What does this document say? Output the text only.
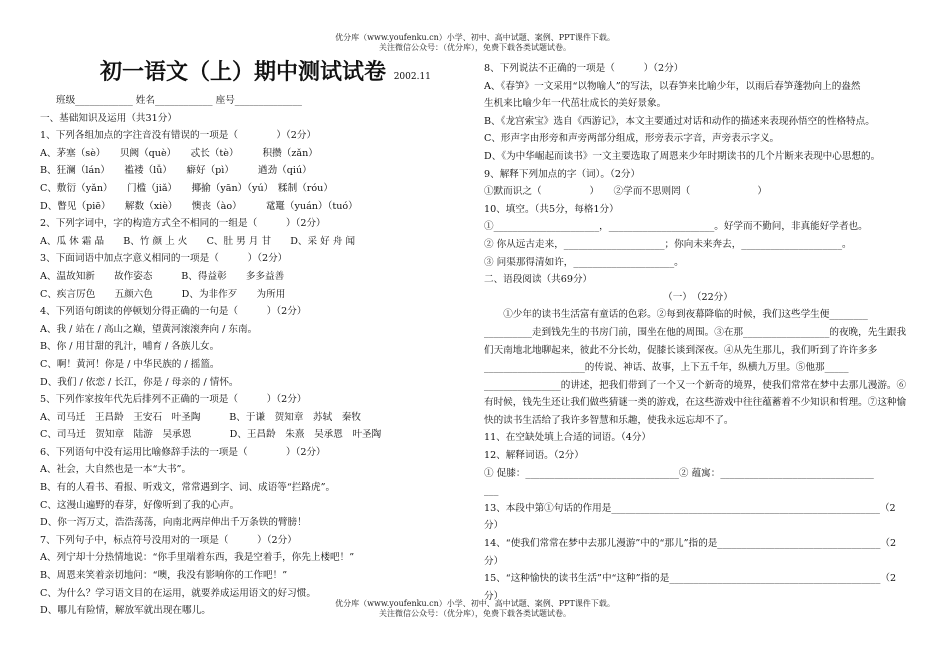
优分库（www.youfenku.cn）小学、初中、高中试题、案例、PPT课件下载。
关注微信公众号：（优分库），免费下载各类试题试卷。
初一语文（上）期中测试试卷 2002.11
班级____________ 姓名____________ 座号______________
一、基础知识及运用（共31分）
1、下列各组加点的字注音没有错误的一项是（　　　　）（2分）
A、茅塞（sè）　　贝阙（què）　　忒长（tè）　　　积攒（zǎn）
B、狂澜（lán）　　褴褛（lǚ）　　癖好（pì）　　　遒劲（qiú）
C、敷衍（yǎn）　　门槛（jiǎ）　　揶揄（yān）（yú）　糅制（róu）
D、瞥见（piē）　　解数（xiè）　　懊丧（ào）　　　鼋鼍（yuán）（tuó）
2、下列字词中，字的构造方式全不相同的一组是（　　　）（2分）
A、瓜 休 霜 晶　　B、竹 颜 上 火　　C、肚 男 月 甘　　D、采 好 舟 闻
3、下面词语中加点字意义相同的一项是（　　　）（2分）
A、温故知新　　故作姿态　　　B、得益彰　　多多益善
C、疾言厉色　　五颜六色　　　D、为非作歹　　为所用
4、下列语句朗读的停顿划分得正确的一句是（　　　）（2分）
A、我 / 站在 / 高山之巅，望黄河滚滚奔向 / 东南。
B、你 / 用甘甜的乳汁，哺育 / 各族儿女。
C、啊！黄河！你是 / 中华民族的 / 摇篮。
D、我们 / 依恋 / 长江，你是 / 母亲的 / 情怀。
5、下列作家按年代先后排列不正确的一项是（　　　）（2分）
A、司马迁　王昌龄　王安石　叶圣陶　　　B、于谦　贺知章　苏轼　秦牧
C、司马迁　贺知章　陆游　吴承恩　　　　D、王昌龄　朱熹　吴承恩　叶圣陶
6、下列语句中没有运用比喻修辞手法的一项是（　　　　）（2分）
A、社会，大自然也是一本“大书”。
B、有的人看书、看报、听戏文，常常遇到字、词、成语等“拦路虎”。
C、这漫山遍野的春芽，好像听到了我的心声。
D、你一泻万丈，浩浩荡荡，向南北两岸伸出千万条铁的臂膀！
7、下列句子中，标点符号没用对的一项是（　　　）（2分）
A、列宁却十分热情地说：“你手里端着东西，我是空着手，你先上楼吧！”
B、周恩来笑着亲切地问：“噢，我没有影响你的工作吧！”
C、为什么？学习语文目的在运用，就要养成运用语文的好习惯。
D、哪儿有险情，解放军就出现在哪儿。
8、下列说法不正确的一项是（　　　）（2分）
A、《春笋》一文采用“以物喻人”的写法，以春笋来比喻少年，以雨后春笋蓬勃向上的盎然
生机来比喻少年一代茁壮成长的美好景象。
B、《龙宫索宝》选自《西游记》，本文主要通过对话和动作的描述来表现孙悟空的性格特点。
C、形声字由形旁和声旁两部分组成，形旁表示字音，声旁表示字义。
D、《为中华崛起而读书》一文主要选取了周恩来少年时期读书的几个片断来表现中心思想的。
9、解释下列加点的字（词）。（2分）
①默而识之（　　　　　）　　②学而不思则罔（　　　　　　　）
10、填空。（共5分，每格1分）
①______________________，______________________。好学而不勤问，非真能好学者也。
② 你从远古走来，_____________________；你向未来奔去，_____________________。
③ 问渠那得清如许，_____________________。
二、语段阅读（共69分）
（一）　（22分）
①少年的读书生活富有童话的色彩。②每到夜幕降临的时候，我们这些学生便________ __________走到钱先生的书房门前，围坐在他的周围。③在那__________________的夜晚，先生跟我们天南地北地聊起来，彼此不分长幼，促膝长谈到深夜。④从先生那儿，我们听到了许许多多_____________________的传说、神话、故事，上下五千年，纵横九万里。⑤他那_____ ________________的讲述，把我们带到了一个又一个新奇的境界，使我们常常在梦中去那儿漫游。⑥有时候，钱先生还让我们做些猜谜一类的游戏，在这些游戏中往往蕴蓄着不少知识和哲理。⑦这种愉快的读书生活给了我许多智慧和乐趣，使我永远忘却不了。
11、在空缺处填上合适的词语。（4分）
12、解释词语。（2分）
① 促膝：________________________________② 蕴寓：________________________________
___
13、本段中第①句话的作用是________________________________________________________（2
分）
14、“使我们常常在梦中去那儿漫游”中的“那儿”指的是__________________________________（2
分）
15、“这种愉快的读书生活”中“这种”指的是____________________________________________（2
分）
优分库（www.youfenku.cn）小学、初中、高中试题、案例、PPT课件下载。
关注微信公众号：（优分库），免费下载各类试题试卷。
